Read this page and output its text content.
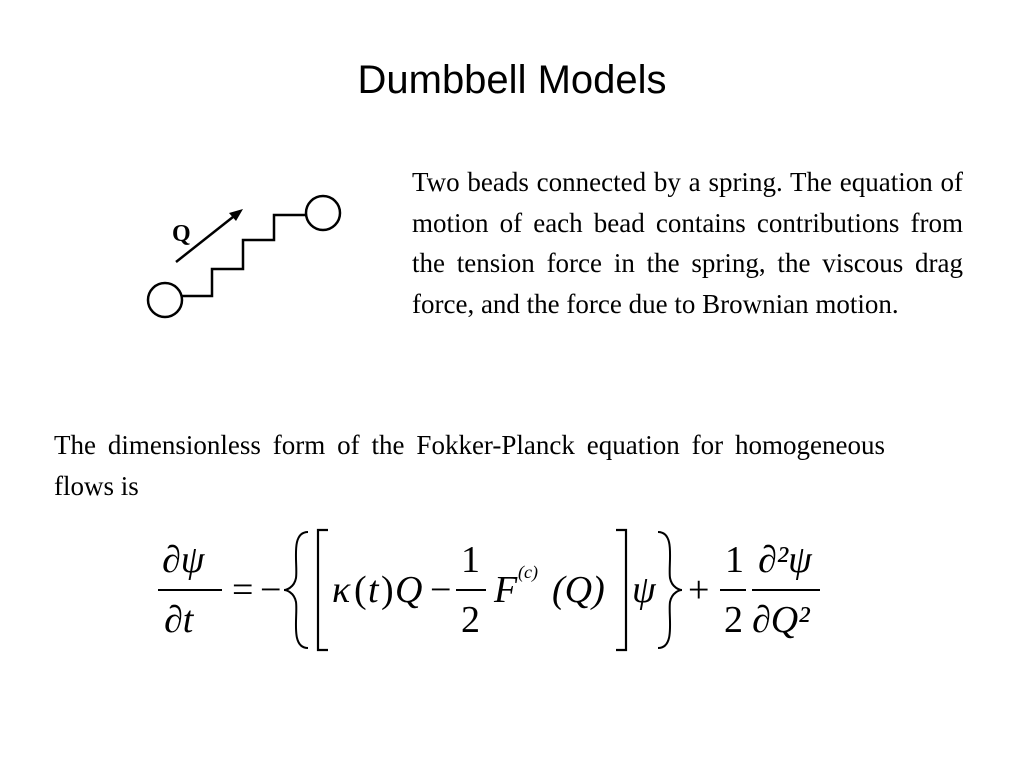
Dumbbell Models
Q
Two beads connected by a spring. The equation of motion of each bead contains contributions from the tension force in the spring, the viscous drag force, and the force due to Brownian motion.
The dimensionless form of the Fokker-Planck equation for homogeneous flows is
∂ψ
∂t
= − κ ( t ) Q −
1
2
F (c) (Q) ψ +
1
2
∂²ψ
∂Q²
